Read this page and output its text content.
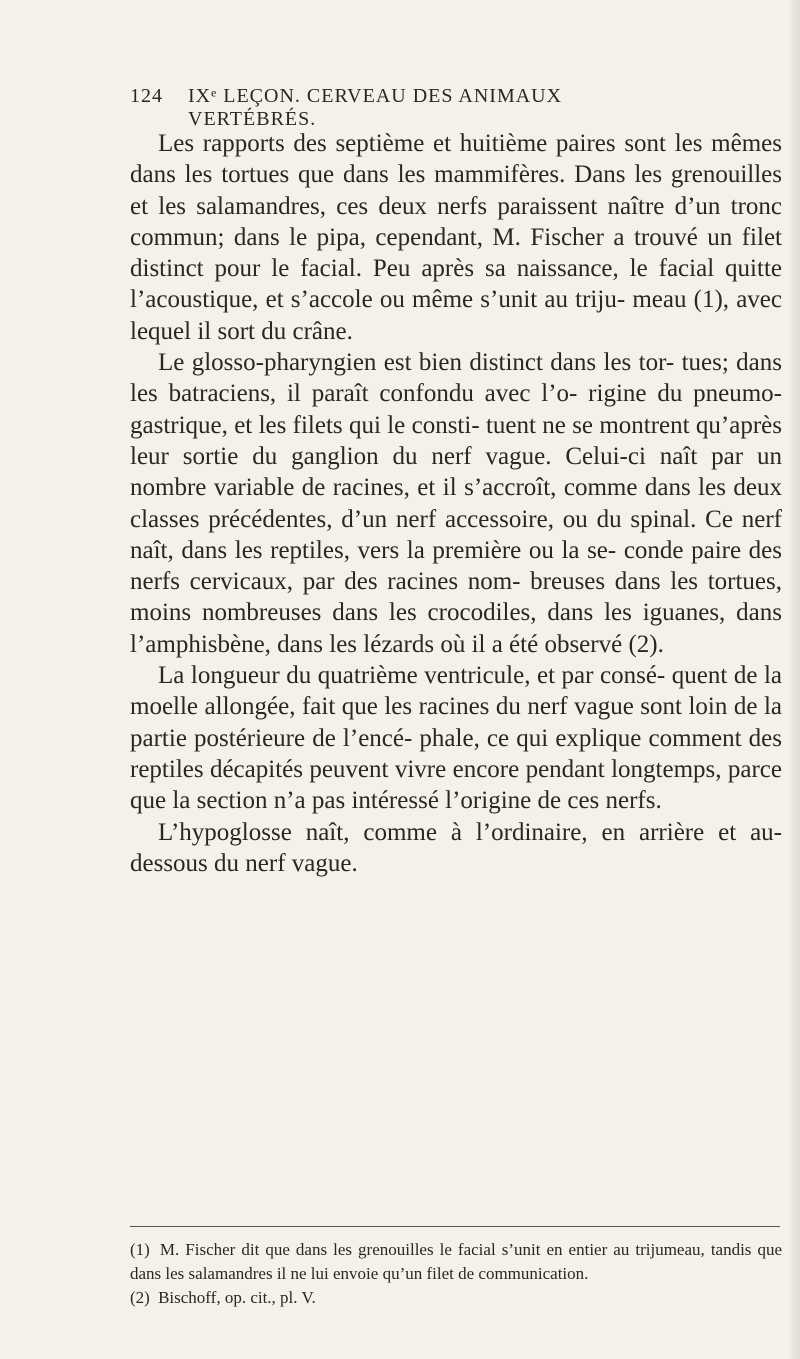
124 IXᵉ LEÇON. CERVEAU DES ANIMAUX VERTÉBRÉS.

Les rapports des septième et huitième paires sont les mêmes dans les tortues que dans les mammifères. Dans les grenouilles et les salamandres, ces deux nerfs paraissent naître d’un tronc commun; dans le pipa, cependant, M. Fischer a trouvé un filet distinct pour le facial. Peu après sa naissance, le facial quitte l’acoustique, et s’accole ou même s’unit au triju- meau (1), avec lequel il sort du crâne.

Le glosso-pharyngien est bien distinct dans les tor- tues; dans les batraciens, il paraît confondu avec l’o- rigine du pneumo-gastrique, et les filets qui le consti- tuent ne se montrent qu’après leur sortie du ganglion du nerf vague. Celui-ci naît par un nombre variable de racines, et il s’accroît, comme dans les deux classes précédentes, d’un nerf accessoire, ou du spinal. Ce nerf naît, dans les reptiles, vers la première ou la se- conde paire des nerfs cervicaux, par des racines nom- breuses dans les tortues, moins nombreuses dans les crocodiles, dans les iguanes, dans l’amphisbène, dans les lézards où il a été observé (2).

La longueur du quatrième ventricule, et par consé- quent de la moelle allongée, fait que les racines du nerf vague sont loin de la partie postérieure de l’encé- phale, ce qui explique comment des reptiles décapités peuvent vivre encore pendant longtemps, parce que la section n’a pas intéressé l’origine de ces nerfs.

L’hypoglosse naît, comme à l’ordinaire, en arrière et au-dessous du nerf vague.

(1) M. Fischer dit que dans les grenouilles le facial s’unit en entier au trijumeau, tandis que dans les salamandres il ne lui envoie qu’un filet de communication.

(2) Bischoff, op. cit., pl. V.
